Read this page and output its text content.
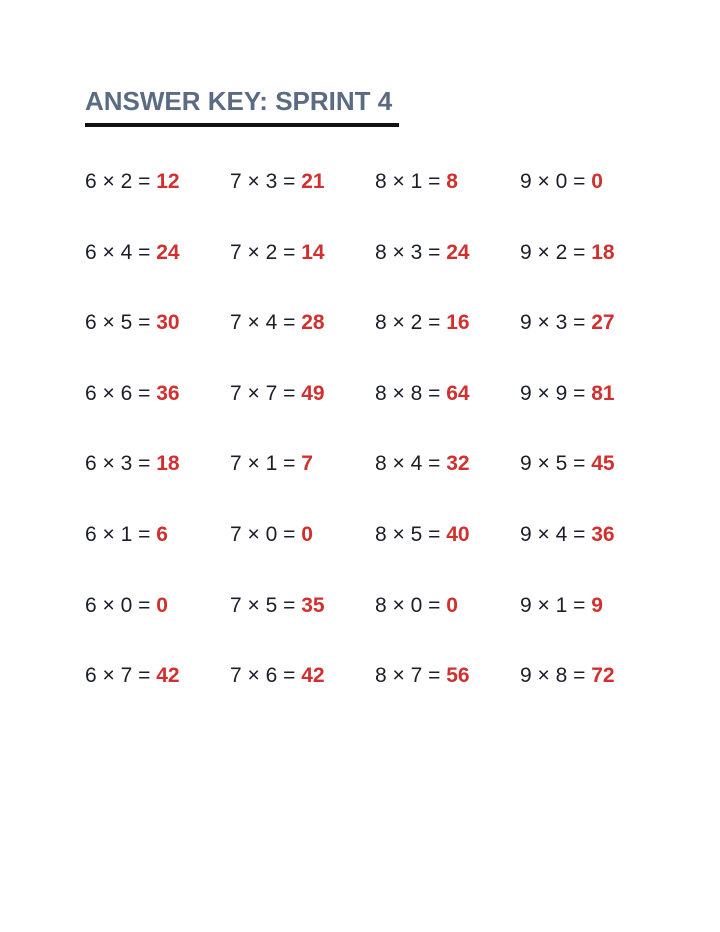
ANSWER KEY: SPRINT 4
6 × 2 = 12	7 × 3 = 21	8 × 1 = 8	9 × 0 = 0
6 × 4 = 24	7 × 2 = 14	8 × 3 = 24	9 × 2 = 18
6 × 5 = 30	7 × 4 = 28	8 × 2 = 16	9 × 3 = 27
6 × 6 = 36	7 × 7 = 49	8 × 8 = 64	9 × 9 = 81
6 × 3 = 18	7 × 1 = 7	8 × 4 = 32	9 × 5 = 45
6 × 1 = 6	7 × 0 = 0	8 × 5 = 40	9 × 4 = 36
6 × 0 = 0	7 × 5 = 35	8 × 0 = 0	9 × 1 = 9
6 × 7 = 42	7 × 6 = 42	8 × 7 = 56	9 × 8 = 72
